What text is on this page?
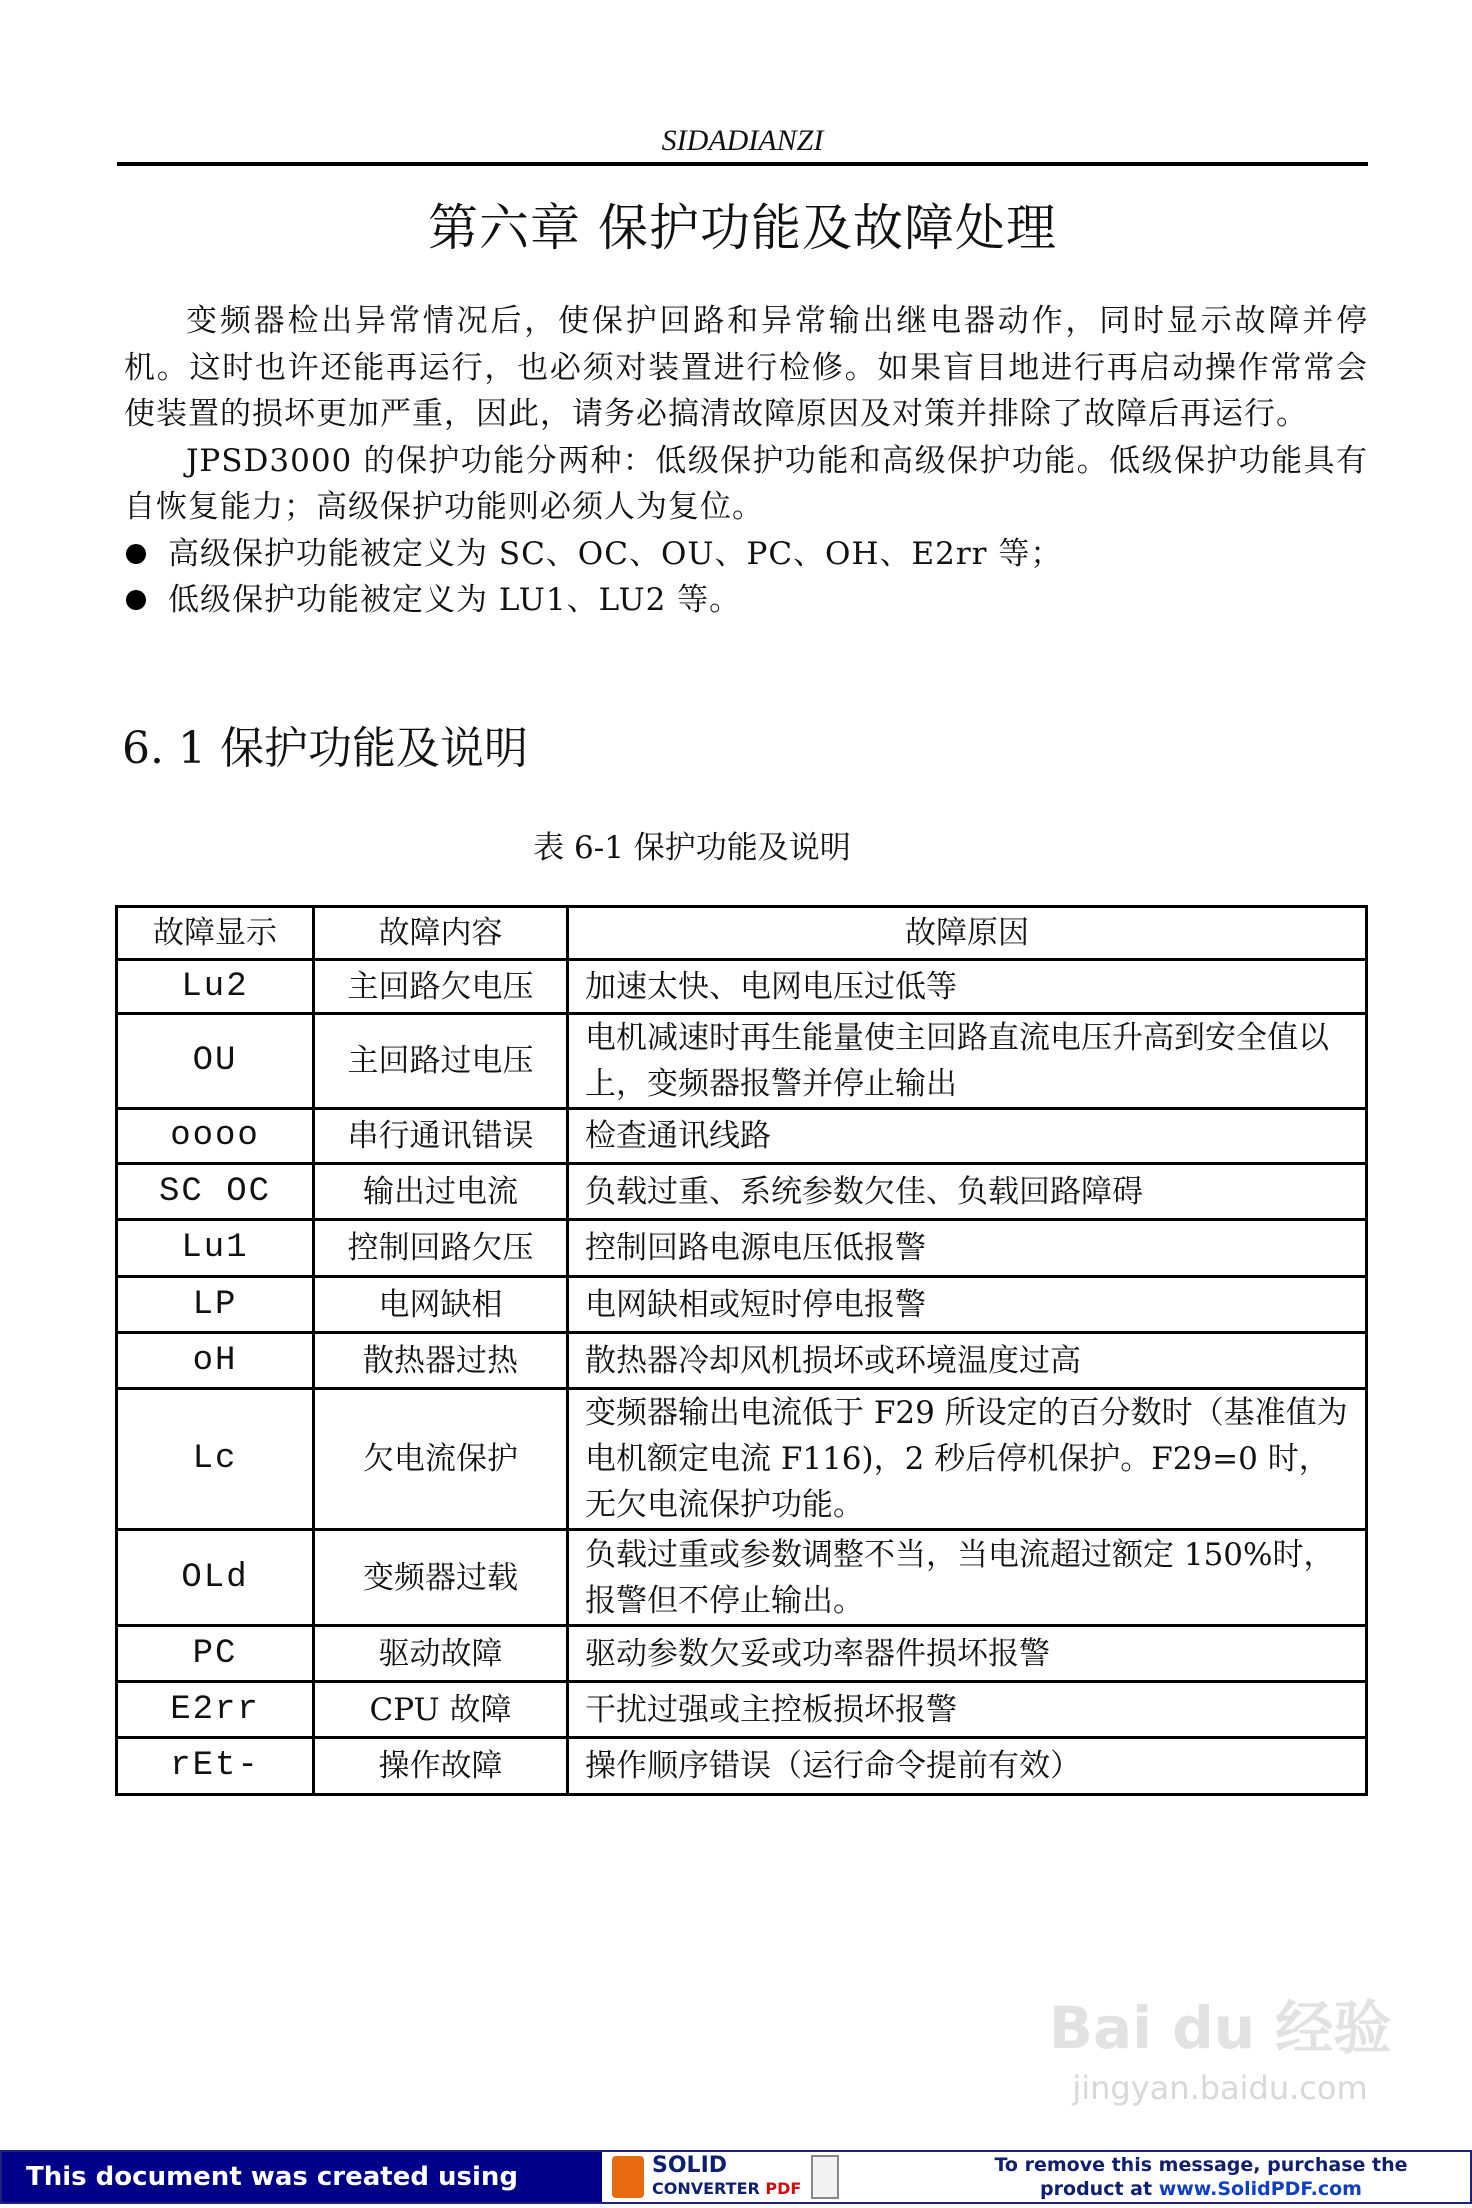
SIDADIANZI
第六章 保护功能及故障处理

变频器检出异常情况后，使保护回路和异常输出继电器动作，同时显示故障并停机。这时也许还能再运行，也必须对装置进行检修。如果盲目地进行再启动操作常常会使装置的损坏更加严重，因此，请务必搞清故障原因及对策并排除了故障后再运行。

JPSD3000 的保护功能分两种：低级保护功能和高级保护功能。低级保护功能具有自恢复能力；高级保护功能则必须人为复位。

高级保护功能被定义为 SC、OC、OU、PC、OH、E2rr 等；
低级保护功能被定义为 LU1、LU2 等。
6. 1 保护功能及说明
表 6-1 保护功能及说明
故障显示	故障内容	故障原因
Lu2	主回路欠电压	加速太快、电网电压过低等
OU	主回路过电压	电机减速时再生能量使主回路直流电压升高到安全值以上，变频器报警并停止输出
oooo	串行通讯错误	检查通讯线路
SC OC	输出过电流	负载过重、系统参数欠佳、负载回路障碍
Lu1	控制回路欠压	控制回路电源电压低报警
LP	电网缺相	电网缺相或短时停电报警
oH	散热器过热	散热器冷却风机损坏或环境温度过高
Lc	欠电流保护	变频器输出电流低于 F29 所设定的百分数时（基准值为电机额定电流 F116)，2 秒后停机保护。F29=0 时，无欠电流保护功能。
OLd	变频器过载	负载过重或参数调整不当，当电流超过额定 150%时，报警但不停止输出。
PC	驱动故障	驱动参数欠妥或功率器件损坏报警
E2rr	CPU 故障	干扰过强或主控板损坏报警
rEt-	操作故障	操作顺序错误（运行命令提前有效）
Bai du 经验
jingyan.baidu.com
This document was created using	SOLID
CONVERTER PDF
To remove this message, purchase the
product at www.SolidPDF.com
